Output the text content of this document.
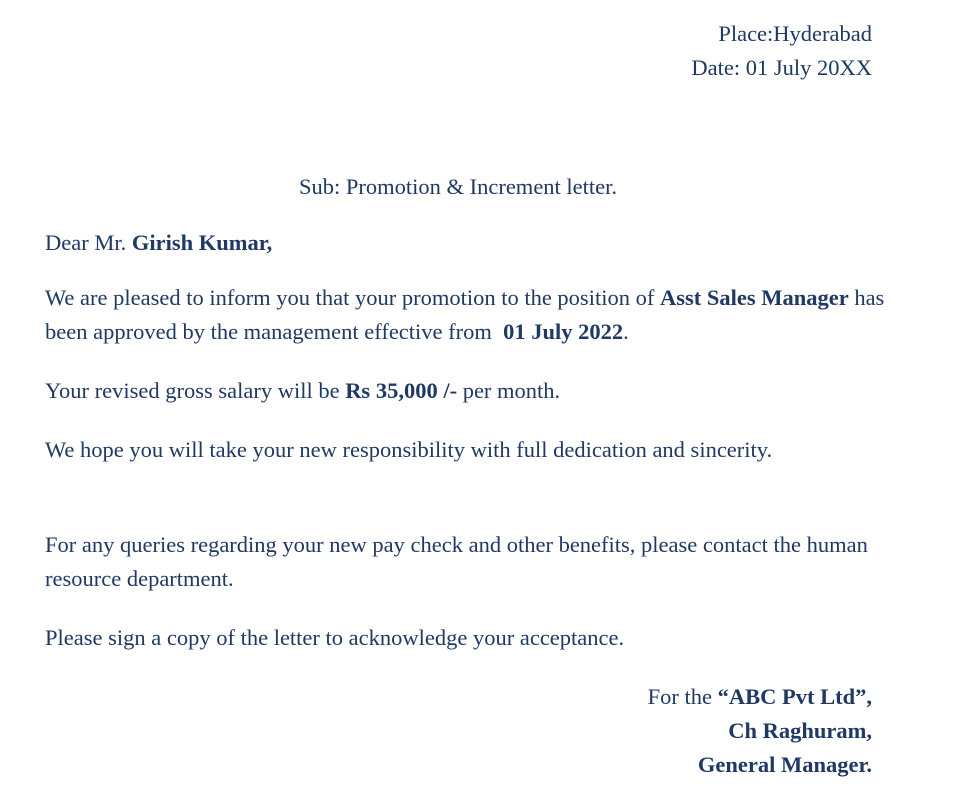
Place:Hyderabad
Date: 01 July 20XX
Sub: Promotion & Increment letter.

Dear Mr. Girish Kumar,

We are pleased to inform you that your promotion to the position of Asst Sales Manager has been approved by the management effective from 01 July 2022.

Your revised gross salary will be Rs 35,000 /- per month.

We hope you will take your new responsibility with full dedication and sincerity.

For any queries regarding your new pay check and other benefits, please contact the human resource department.

Please sign a copy of the letter to acknowledge your acceptance.

For the “ABC Pvt Ltd”,
Ch Raghuram,
General Manager.
